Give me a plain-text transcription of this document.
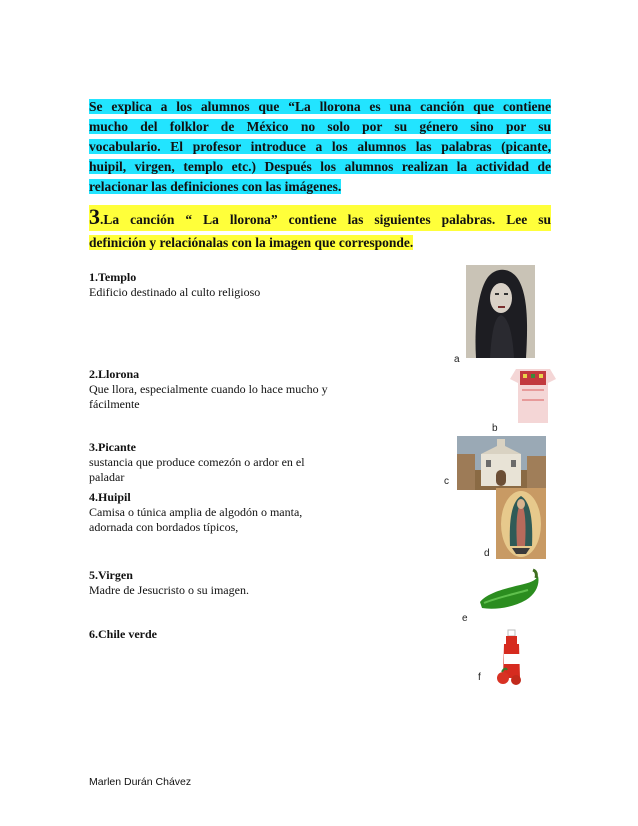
Se explica a los alumnos que “La llorona es una canción que contiene
mucho del folklor de México no solo por su género sino por su
vocabulario. El profesor introduce a los alumnos las palabras (picante,
huipil, virgen, templo etc.) Después los alumnos realizan la actividad de
relacionar las definiciones con las imágenes.
3.La canción “ La llorona” contiene las siguientes palabras. Lee su
definición y relaciónalas con la imagen que corresponde.
1.Templo
Edificio destinado al culto religioso
2.Llorona
Que llora, especialmente cuando lo hace mucho y fácilmente
3.Picante
sustancia que produce comezón o ardor en el paladar
4.Huipil
Camisa o túnica amplia de algodón o manta, adornada con bordados típicos,
5.Virgen
Madre de Jesucristo o su imagen.
6.Chile verde
a
b
c
d
e
f
Marlen Durán Chávez
